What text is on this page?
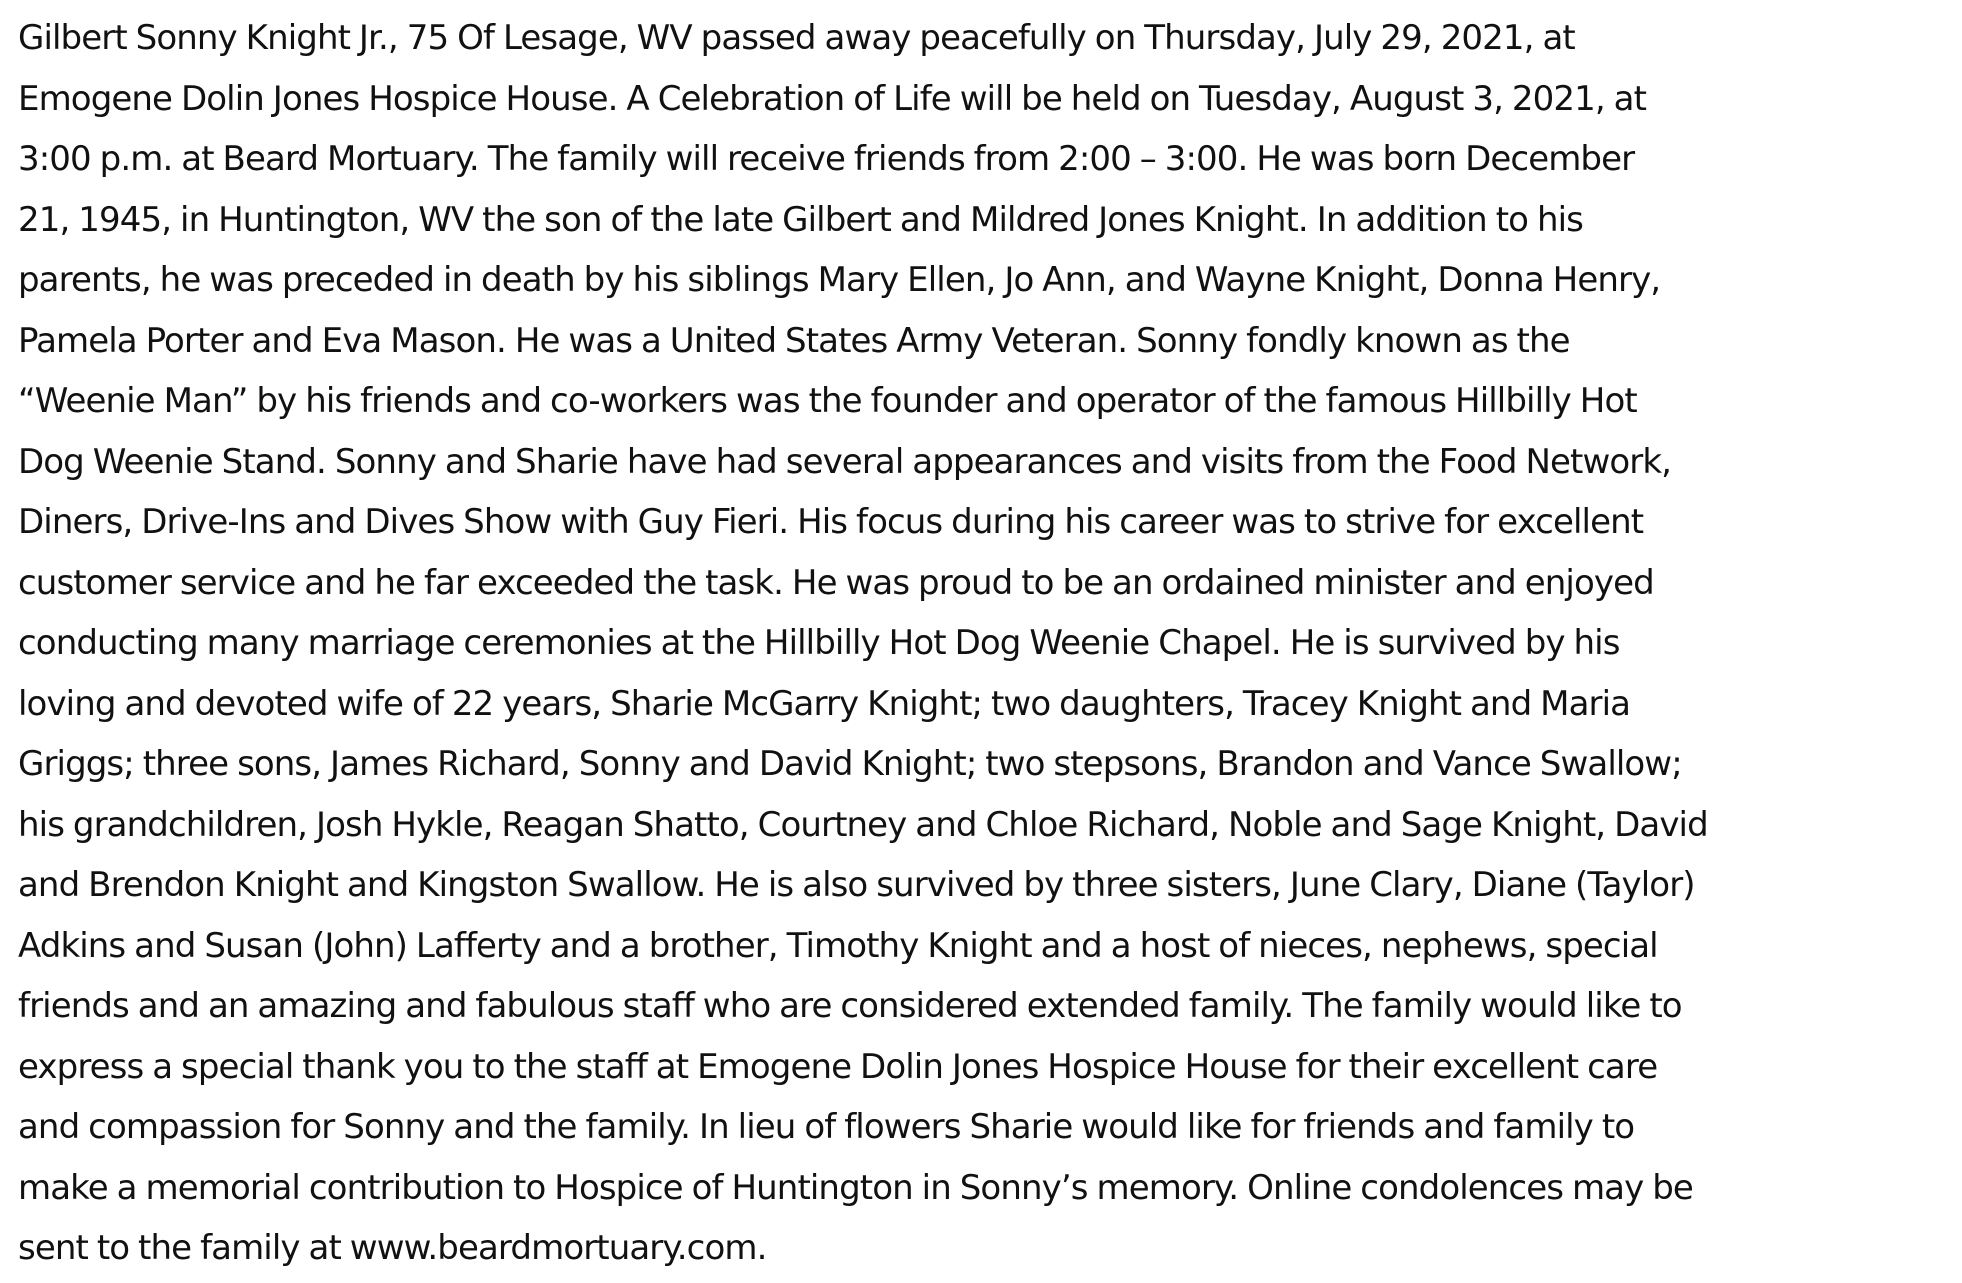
Gilbert Sonny Knight Jr., 75 Of Lesage, WV passed away peacefully on Thursday, July 29, 2021, at
Emogene Dolin Jones Hospice House. A Celebration of Life will be held on Tuesday, August 3, 2021, at
3:00 p.m. at Beard Mortuary. The family will receive friends from 2:00 – 3:00. He was born December
21, 1945, in Huntington, WV the son of the late Gilbert and Mildred Jones Knight. In addition to his
parents, he was preceded in death by his siblings Mary Ellen, Jo Ann, and Wayne Knight, Donna Henry,
Pamela Porter and Eva Mason. He was a United States Army Veteran. Sonny fondly known as the
“Weenie Man” by his friends and co-workers was the founder and operator of the famous Hillbilly Hot
Dog Weenie Stand. Sonny and Sharie have had several appearances and visits from the Food Network,
Diners, Drive-Ins and Dives Show with Guy Fieri. His focus during his career was to strive for excellent
customer service and he far exceeded the task. He was proud to be an ordained minister and enjoyed
conducting many marriage ceremonies at the Hillbilly Hot Dog Weenie Chapel. He is survived by his
loving and devoted wife of 22 years, Sharie McGarry Knight; two daughters, Tracey Knight and Maria
Griggs; three sons, James Richard, Sonny and David Knight; two stepsons, Brandon and Vance Swallow;
his grandchildren, Josh Hykle, Reagan Shatto, Courtney and Chloe Richard, Noble and Sage Knight, David
and Brendon Knight and Kingston Swallow. He is also survived by three sisters, June Clary, Diane (Taylor)
Adkins and Susan (John) Lafferty and a brother, Timothy Knight and a host of nieces, nephews, special
friends and an amazing and fabulous staff who are considered extended family. The family would like to
express a special thank you to the staff at Emogene Dolin Jones Hospice House for their excellent care
and compassion for Sonny and the family. In lieu of flowers Sharie would like for friends and family to
make a memorial contribution to Hospice of Huntington in Sonny’s memory. Online condolences may be
sent to the family at www.beardmortuary.com.
